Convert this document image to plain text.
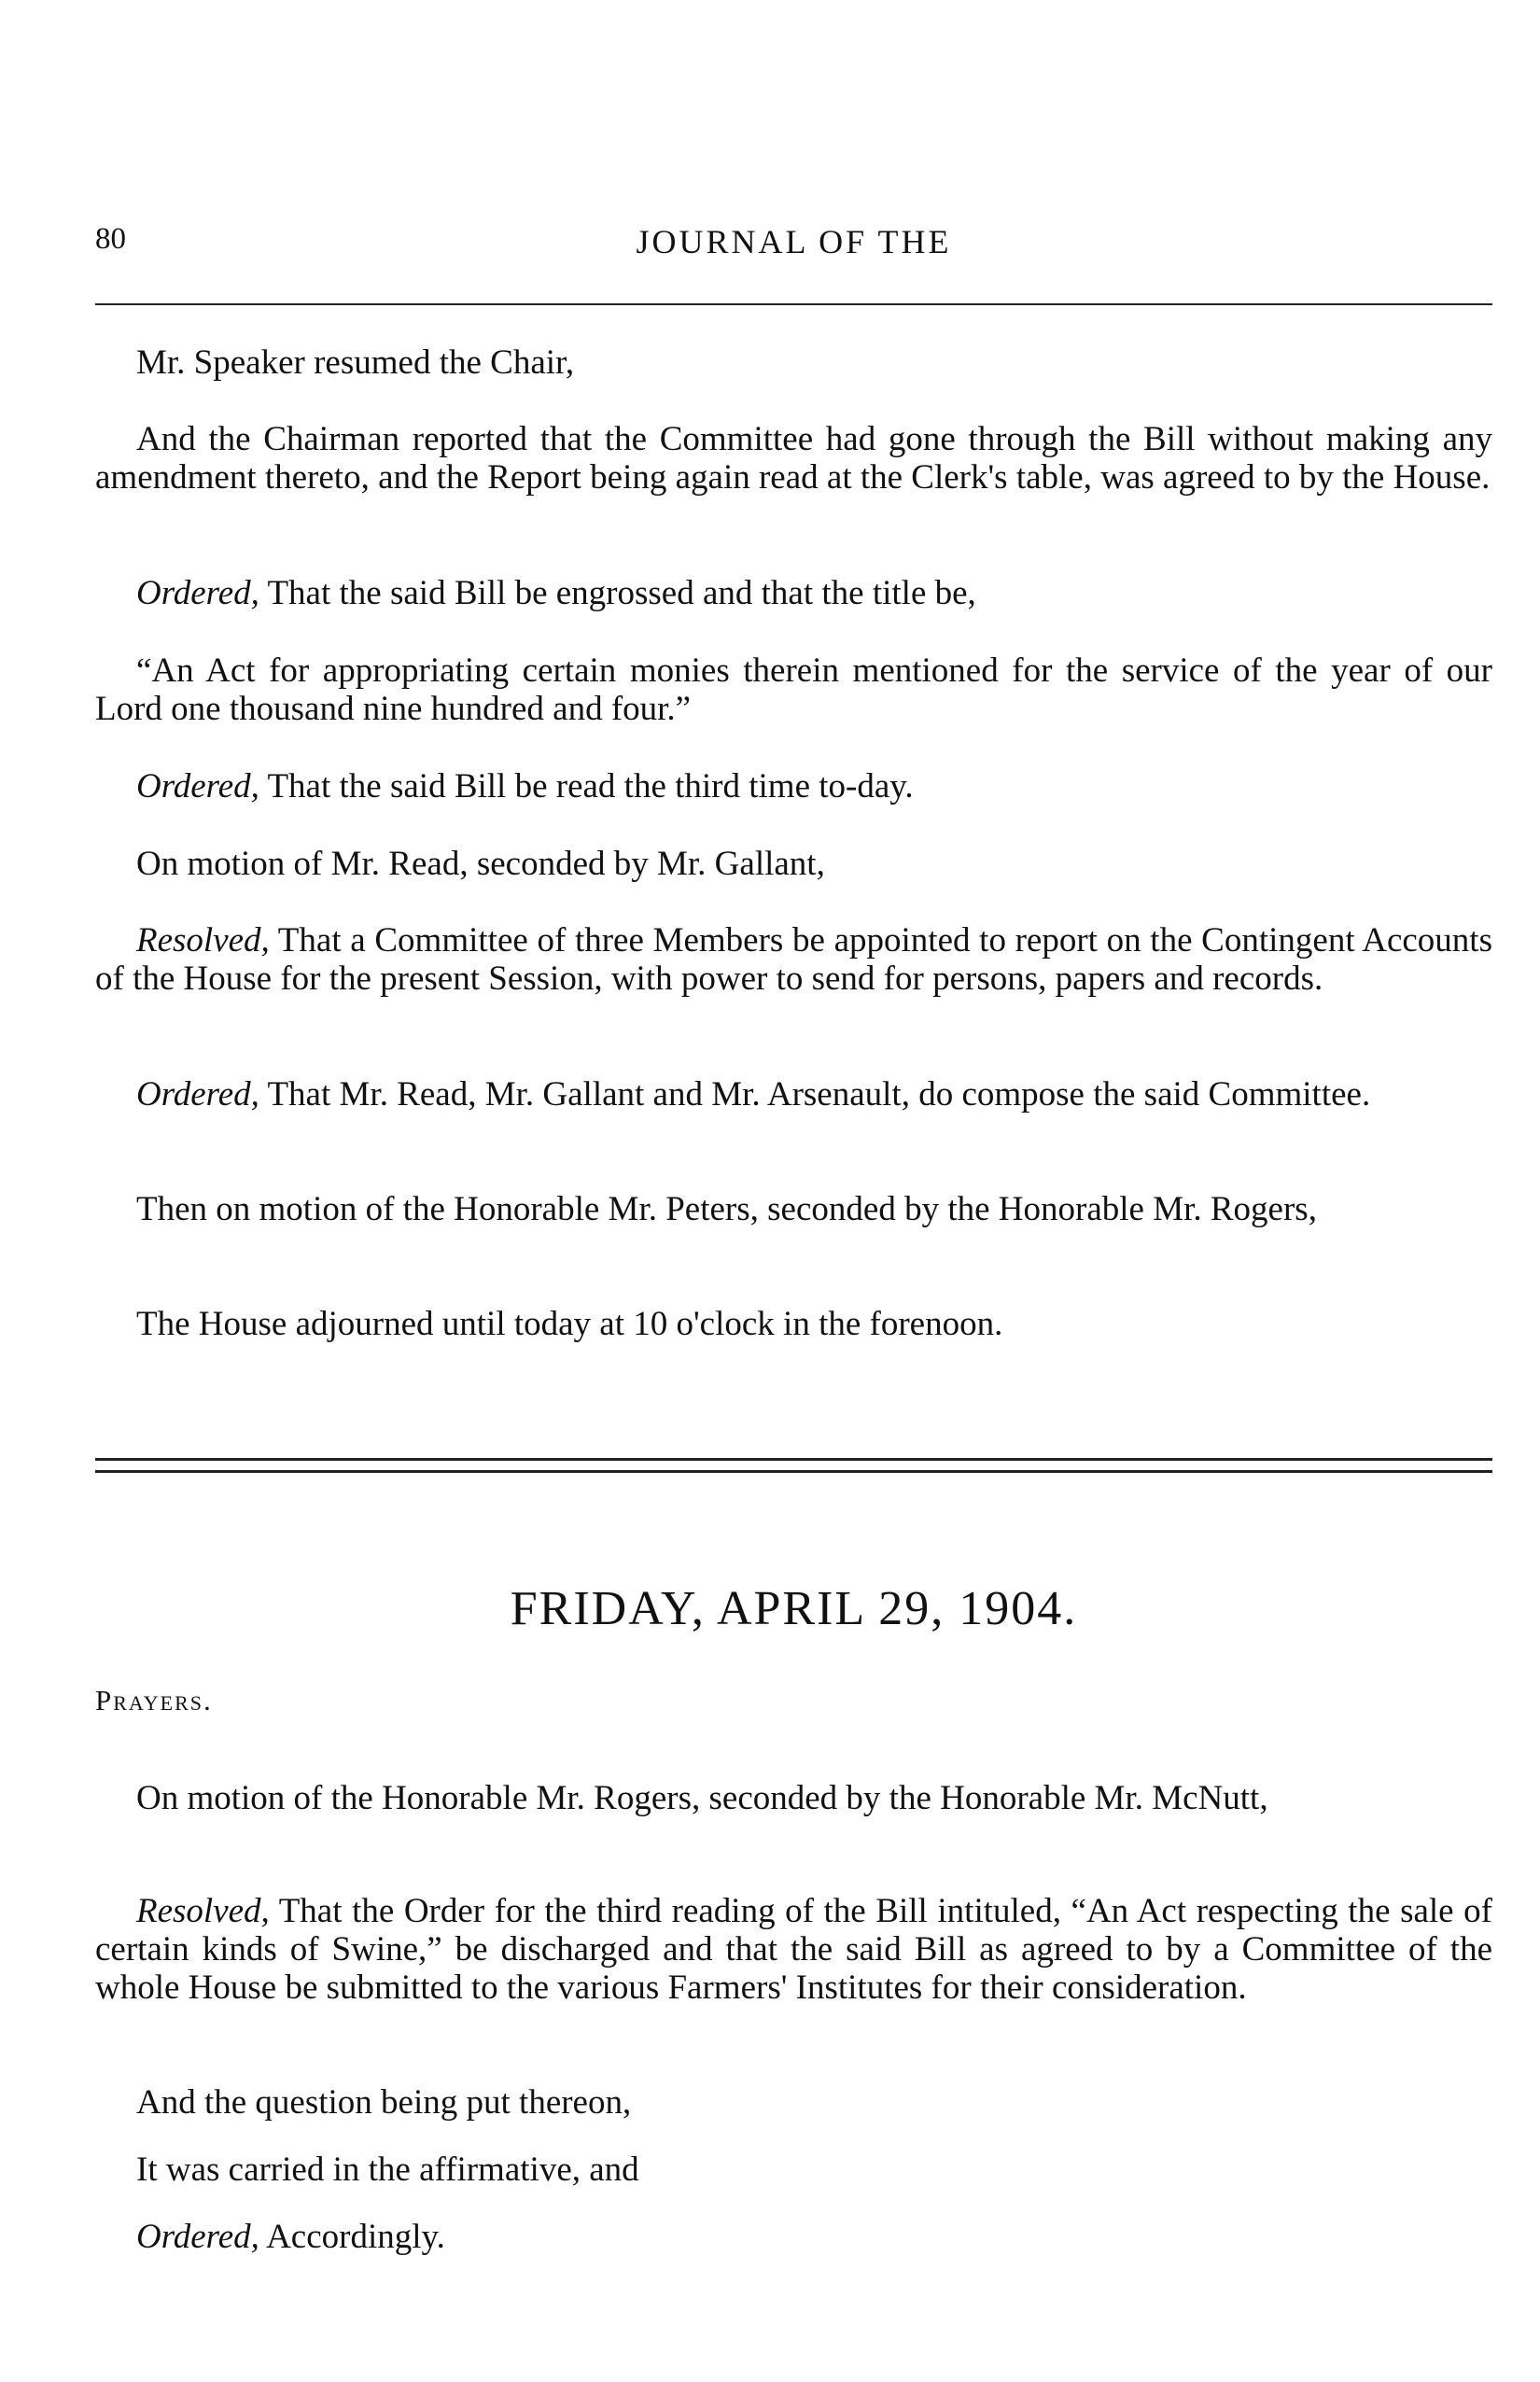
80	JOURNAL OF THE

Mr. Speaker resumed the Chair,

And the Chairman reported that the Committee had gone through the Bill without making any amendment thereto, and the Report being again read at the Clerk's table, was agreed to by the House.

Ordered, That the said Bill be engrossed and that the title be,

“An Act for appropriating certain monies therein mentioned for the service of the year of our Lord one thousand nine hundred and four.”

Ordered, That the said Bill be read the third time to-day.

On motion of Mr. Read, seconded by Mr. Gallant,

Resolved, That a Committee of three Members be appointed to report on the Contingent Accounts of the House for the present Session, with power to send for persons, papers and records.

Ordered, That Mr. Read, Mr. Gallant and Mr. Arsenault, do compose the said Committee.

Then on motion of the Honorable Mr. Peters, seconded by the Honorable Mr. Rogers,

The House adjourned until today at 10 o'clock in the forenoon.

FRIDAY, APRIL 29, 1904.
Prayers.

On motion of the Honorable Mr. Rogers, seconded by the Honorable Mr. McNutt,

Resolved, That the Order for the third reading of the Bill intituled, “An Act respecting the sale of certain kinds of Swine,” be discharged and that the said Bill as agreed to by a Committee of the whole House be submitted to the various Farmers' Institutes for their consideration.

And the question being put thereon,

It was carried in the affirmative, and

Ordered, Accordingly.
